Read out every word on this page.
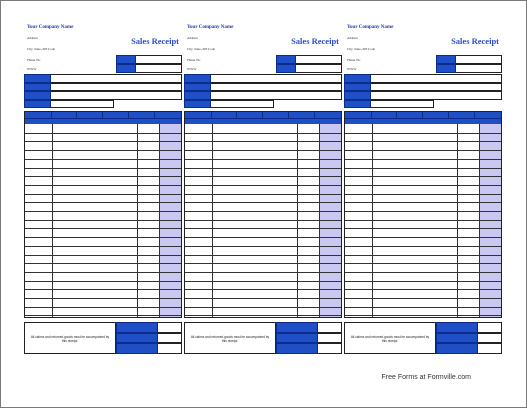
Your Company Name
Address
City, State, ZIP Code
Phone No.
WWW
Sales Receipt
All claims and returned goods must be accompanied by this receipt.
Your Company Name
Address
City, State, ZIP Code
Phone No.
WWW
Sales Receipt
All claims and returned goods must be accompanied by this receipt.
Your Company Name
Address
City, State, ZIP Code
Phone No.
WWW
Sales Receipt
All claims and returned goods must be accompanied by this receipt.
Free Forms at Formville.com
